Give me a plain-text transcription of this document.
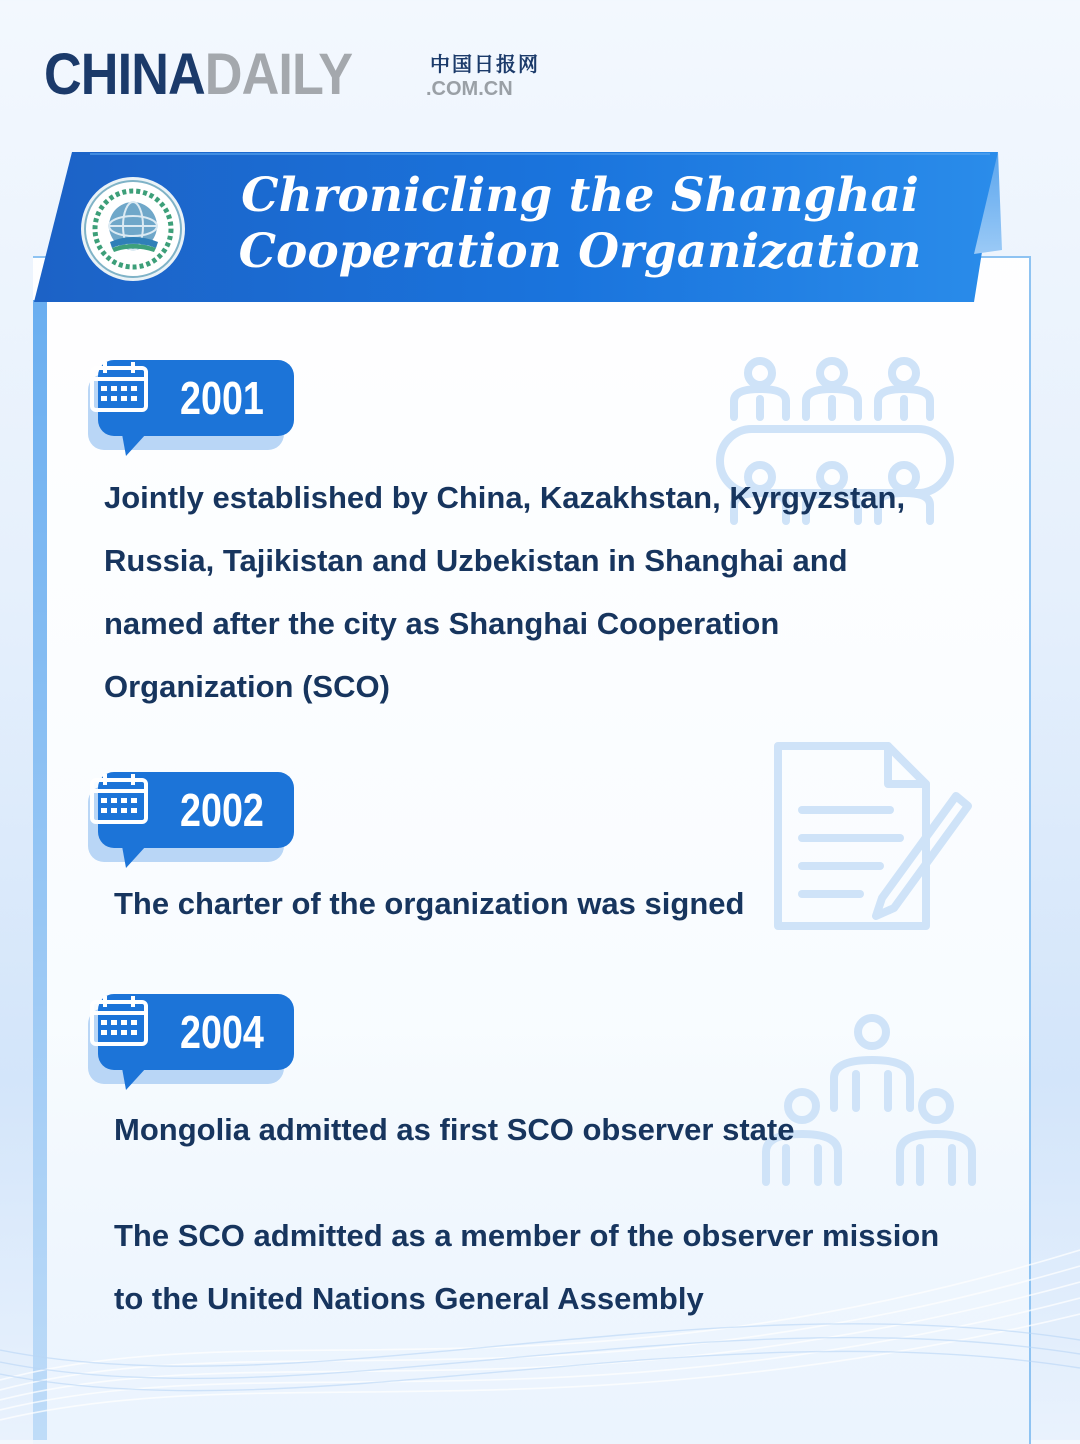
CHINADAILY	中国日报网
.COM.CN
Chronicling the Shanghai
Cooperation Organization
2001
2002
2004
Jointly established by China, Kazakhstan, Kyrgyzstan, Russia, Tajikistan and Uzbekistan in Shanghai and named after the city as Shanghai Cooperation Organization (SCO)
The charter of the organization was signed
Mongolia admitted as first SCO observer state
The SCO admitted as a member of the observer mission to the United Nations General Assembly
